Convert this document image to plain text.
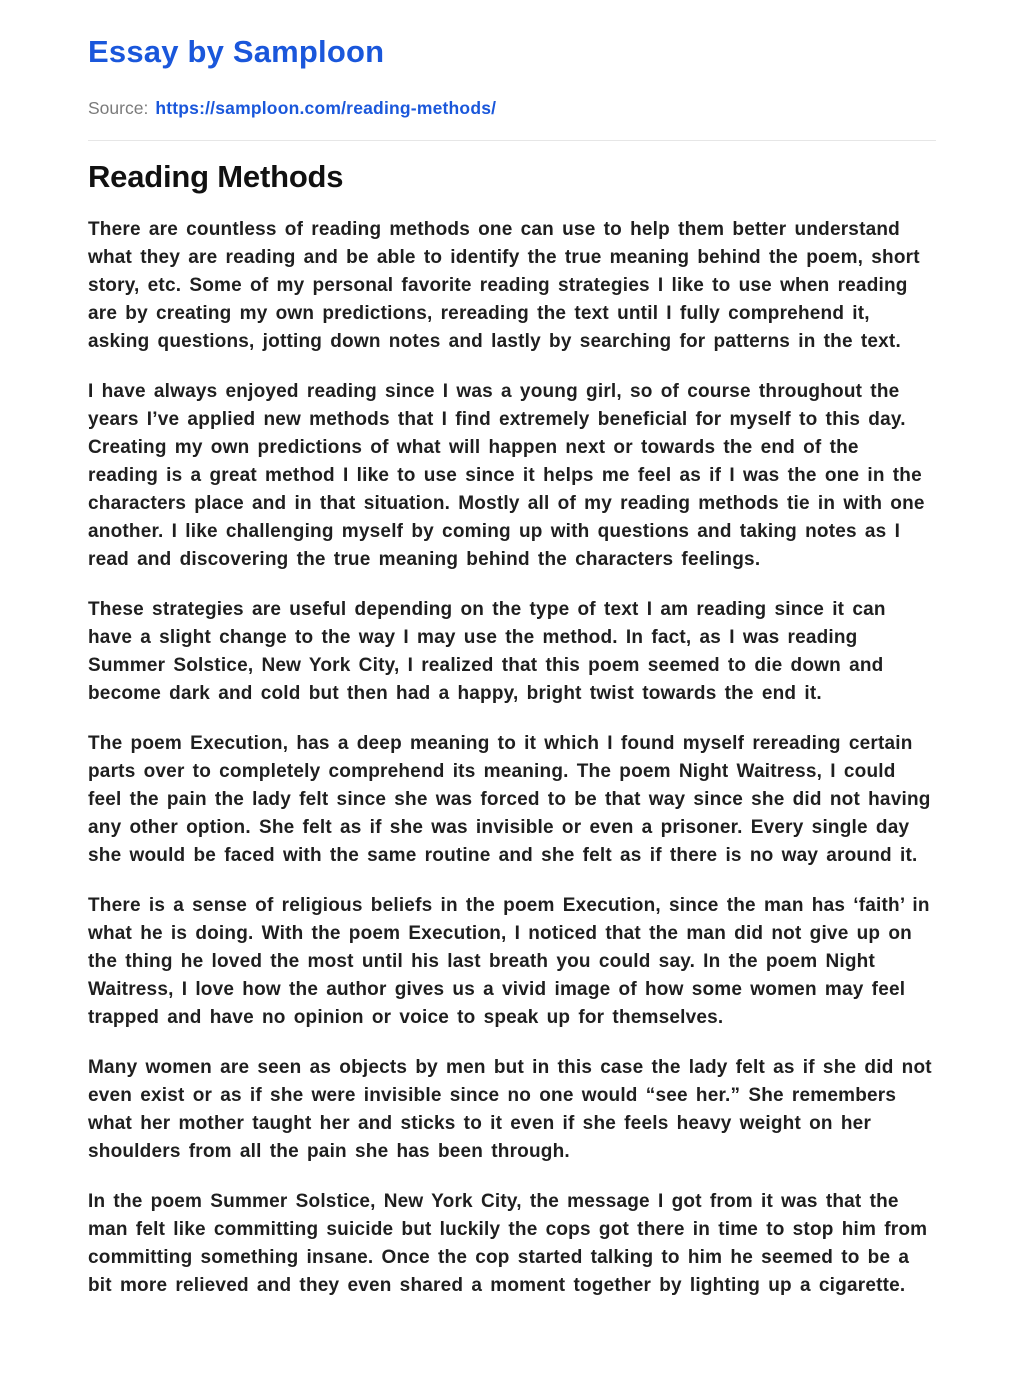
Essay by Samploon

Source: https://samploon.com/reading-methods/

Reading Methods

There are countless of reading methods one can use to help them better understand what they are reading and be able to identify the true meaning behind the poem, short story, etc. Some of my personal favorite reading strategies I like to use when reading are by creating my own predictions, rereading the text until I fully comprehend it, asking questions, jotting down notes and lastly by searching for patterns in the text.

I have always enjoyed reading since I was a young girl, so of course throughout the years I’ve applied new methods that I find extremely beneficial for myself to this day. Creating my own predictions of what will happen next or towards the end of the reading is a great method I like to use since it helps me feel as if I was the one in the characters place and in that situation. Mostly all of my reading methods tie in with one another. I like challenging myself by coming up with questions and taking notes as I read and discovering the true meaning behind the characters feelings.

These strategies are useful depending on the type of text I am reading since it can have a slight change to the way I may use the method. In fact, as I was reading Summer Solstice, New York City, I realized that this poem seemed to die down and become dark and cold but then had a happy, bright twist towards the end it.

The poem Execution, has a deep meaning to it which I found myself rereading certain parts over to completely comprehend its meaning. The poem Night Waitress, I could feel the pain the lady felt since she was forced to be that way since she did not having any other option. She felt as if she was invisible or even a prisoner. Every single day she would be faced with the same routine and she felt as if there is no way around it.

There is a sense of religious beliefs in the poem Execution, since the man has ‘faith’ in what he is doing. With the poem Execution, I noticed that the man did not give up on the thing he loved the most until his last breath you could say. In the poem Night Waitress, I love how the author gives us a vivid image of how some women may feel trapped and have no opinion or voice to speak up for themselves.

Many women are seen as objects by men but in this case the lady felt as if she did not even exist or as if she were invisible since no one would “see her.” She remembers what her mother taught her and sticks to it even if she feels heavy weight on her shoulders from all the pain she has been through.

In the poem Summer Solstice, New York City, the message I got from it was that the man felt like committing suicide but luckily the cops got there in time to stop him from committing something insane. Once the cop started talking to him he seemed to be a bit more relieved and they even shared a moment together by lighting up a cigarette.
